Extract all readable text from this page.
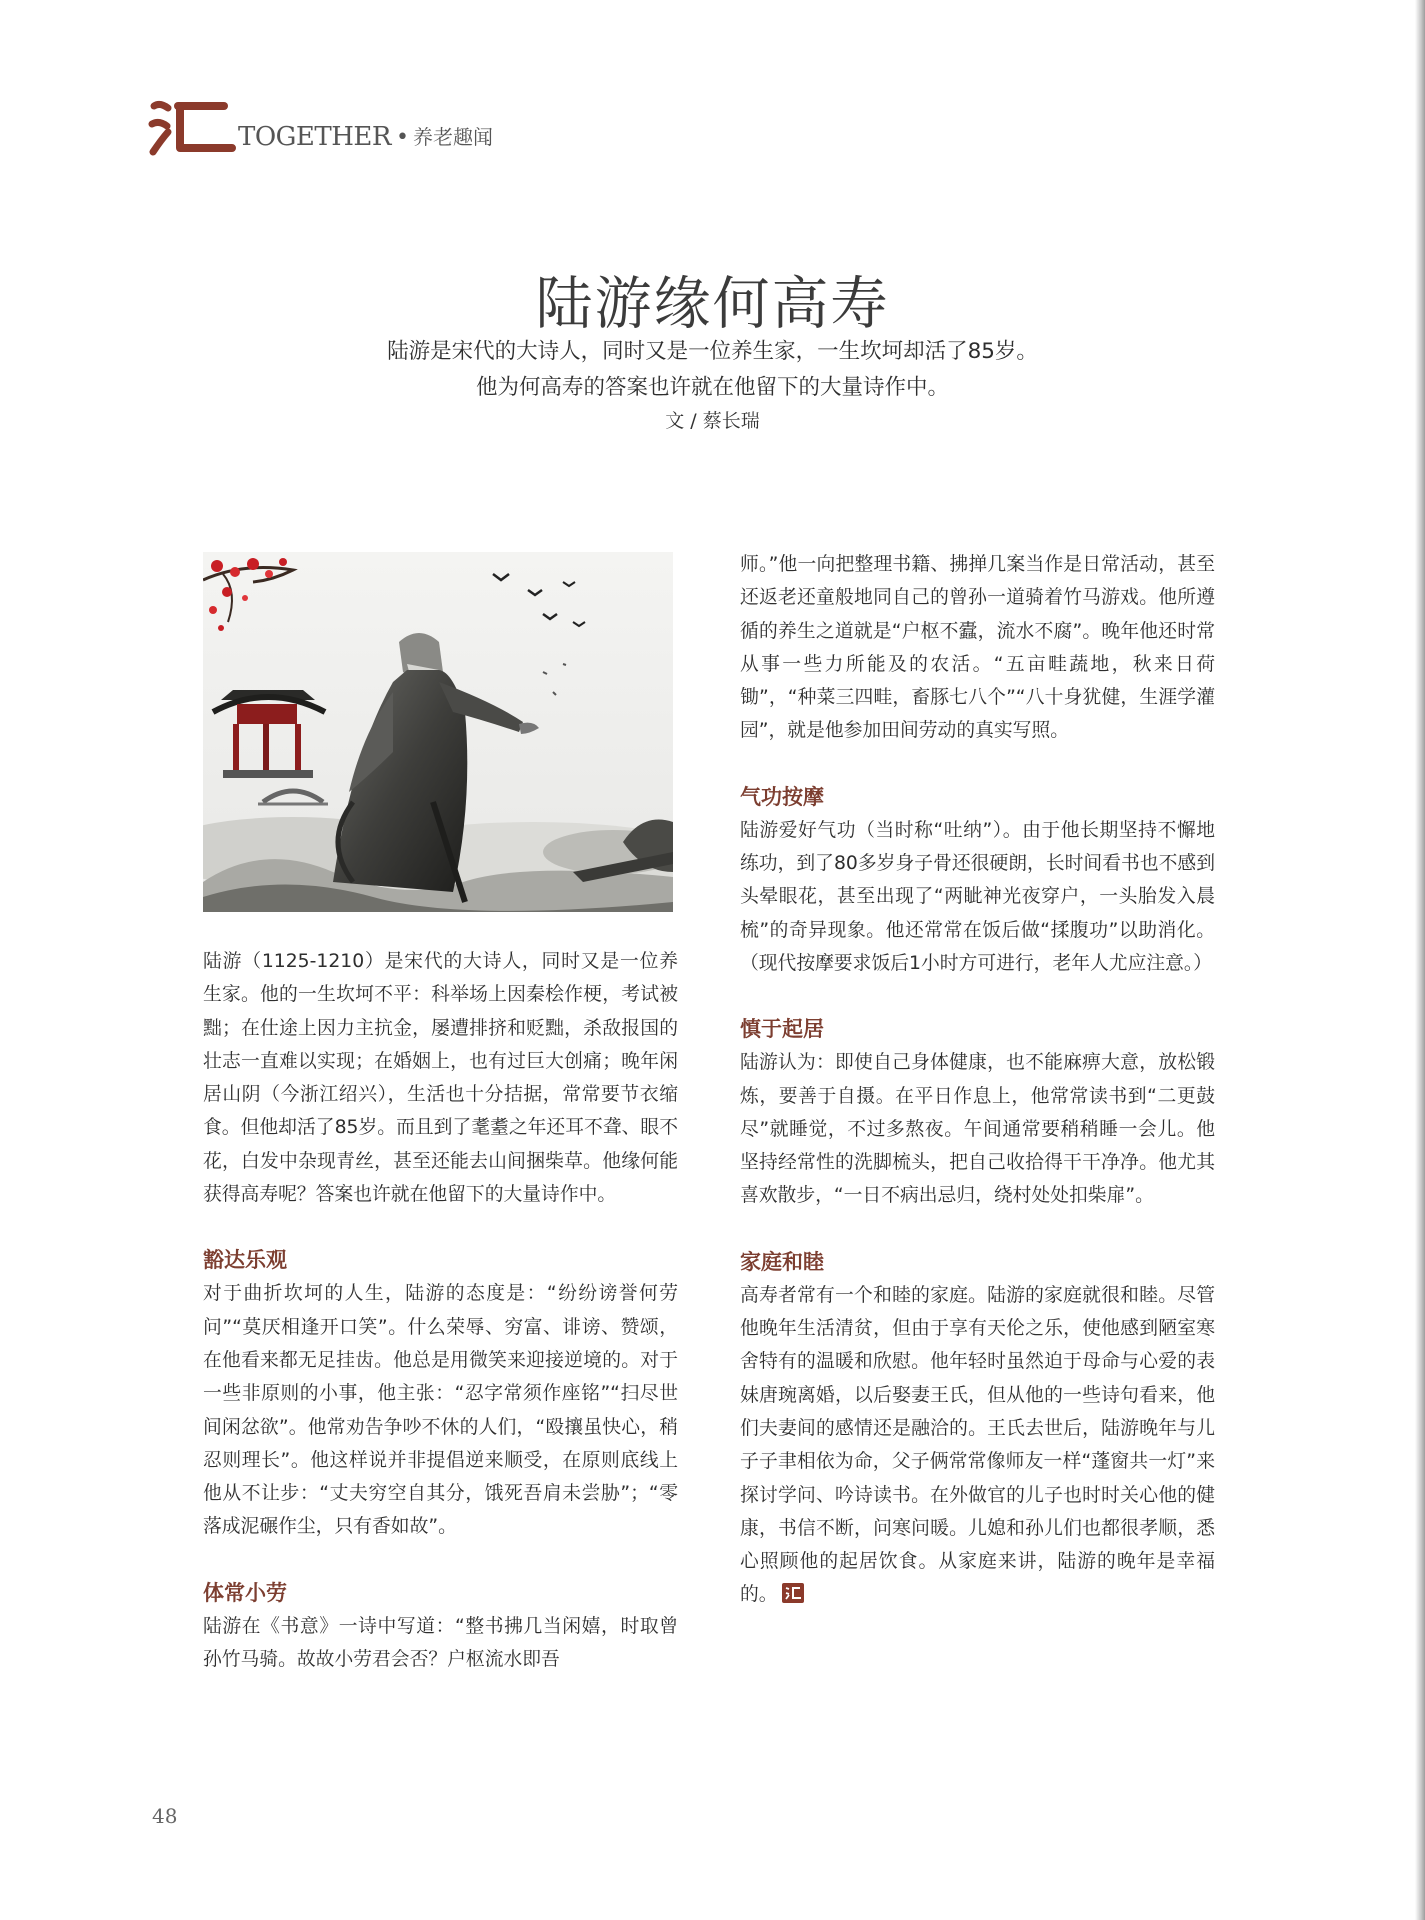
TOGETHER • 养老趣闻
陆游缘何高寿
陆游是宋代的大诗人，同时又是一位养生家，一生坎坷却活了85岁。
他为何高寿的答案也许就在他留下的大量诗作中。
文 / 蔡长瑞

陆游（1125-1210）是宋代的大诗人，同时又是一位养生家。他的一生坎坷不平：科举场上因秦桧作梗，考试被黜；在仕途上因力主抗金，屡遭排挤和贬黜，杀敌报国的壮志一直难以实现；在婚姻上，也有过巨大创痛；晚年闲居山阴（今浙江绍兴），生活也十分拮据，常常要节衣缩食。但他却活了85岁。而且到了耄耋之年还耳不聋、眼不花，白发中杂现青丝，甚至还能去山间捆柴草。他缘何能获得高寿呢？答案也许就在他留下的大量诗作中。

豁达乐观

对于曲折坎坷的人生，陆游的态度是：“纷纷谤誉何劳问”“莫厌相逢开口笑”。什么荣辱、穷富、诽谤、赞颂，在他看来都无足挂齿。他总是用微笑来迎接逆境的。对于一些非原则的小事，他主张：“忍字常须作座铭”“扫尽世间闲忿欲”。他常劝告争吵不休的人们，“殴攘虽快心，稍忍则理长”。他这样说并非提倡逆来顺受，在原则底线上他从不让步：“丈夫穷空自其分，饿死吾肩未尝胁”；“零落成泥碾作尘，只有香如故”。

体常小劳

陆游在《书意》一诗中写道：“整书拂几当闲嬉，时取曾孙竹马骑。故故小劳君会否？户枢流水即吾

师。”他一向把整理书籍、拂掸几案当作是日常活动，甚至还返老还童般地同自己的曾孙一道骑着竹马游戏。他所遵循的养生之道就是“户枢不蠹，流水不腐”。晚年他还时常从事一些力所能及的农活。“五亩畦蔬地，秋来日荷锄”，“种菜三四畦，畜豚七八个”“八十身犹健，生涯学灌园”，就是他参加田间劳动的真实写照。

气功按摩

陆游爱好气功（当时称“吐纳”）。由于他长期坚持不懈地练功，到了80多岁身子骨还很硬朗，长时间看书也不感到头晕眼花，甚至出现了“两眦神光夜穿户，一头胎发入晨梳”的奇异现象。他还常常在饭后做“揉腹功”以助消化。（现代按摩要求饭后1小时方可进行，老年人尤应注意。）

慎于起居

陆游认为：即使自己身体健康，也不能麻痹大意，放松锻炼，要善于自摄。在平日作息上，他常常读书到“二更鼓尽”就睡觉，不过多熬夜。午间通常要稍稍睡一会儿。他坚持经常性的洗脚梳头，把自己收拾得干干净净。他尤其喜欢散步，“一日不病出忌归，绕村处处扣柴扉”。

家庭和睦

高寿者常有一个和睦的家庭。陆游的家庭就很和睦。尽管他晚年生活清贫，但由于享有天伦之乐，使他感到陋室寒舍特有的温暖和欣慰。他年轻时虽然迫于母命与心爱的表妹唐琬离婚，以后娶妻王氏，但从他的一些诗句看来，他们夫妻间的感情还是融洽的。王氏去世后，陆游晚年与儿子子聿相依为命，父子俩常常像师友一样“蓬窗共一灯”来探讨学问、吟诗读书。在外做官的儿子也时时关心他的健康，书信不断，问寒问暖。儿媳和孙儿们也都很孝顺，悉心照顾他的起居饮食。从家庭来讲，陆游的晚年是幸福的。

48
